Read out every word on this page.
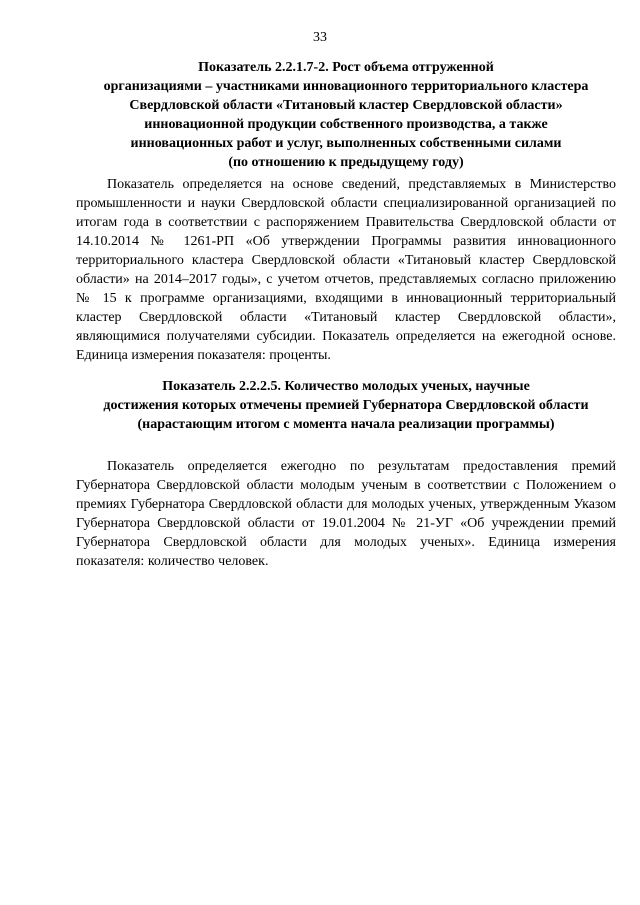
33
Показатель 2.2.1.7-2. Рост объема отгруженной
организациями – участниками инновационного территориального кластера
Свердловской области «Титановый кластер Свердловской области»
инновационной продукции собственного производства, а также
инновационных работ и услуг, выполненных собственными силами
(по отношению к предыдущему году)

Показатель определяется на основе сведений, представляемых в Министерство промышленности и науки Свердловской области специализированной организацией по итогам года в соответствии с распоряжением Правительства Свердловской области от 14.10.2014 № 1261-РП «Об утверждении Программы развития инновационного территориального кластера Свердловской области «Титановый кластер Свердловской области» на 2014–2017 годы», с учетом отчетов, представляемых согласно приложению № 15 к программе организациями, входящими в инновационный территориальный кластер Свердловской области «Титановый кластер Свердловской области», являющимися получателями субсидии. Показатель определяется на ежегодной основе. Единица измерения показателя: проценты.

Показатель 2.2.2.5. Количество молодых ученых, научные
достижения которых отмечены премией Губернатора Свердловской области
(нарастающим итогом с момента начала реализации программы)

Показатель определяется ежегодно по результатам предоставления премий Губернатора Свердловской области молодым ученым в соответствии с Положением о премиях Губернатора Свердловской области для молодых ученых, утвержденным Указом Губернатора Свердловской области от 19.01.2004 № 21-УГ «Об учреждении премий Губернатора Свердловской области для молодых ученых». Единица измерения показателя: количество человек.
